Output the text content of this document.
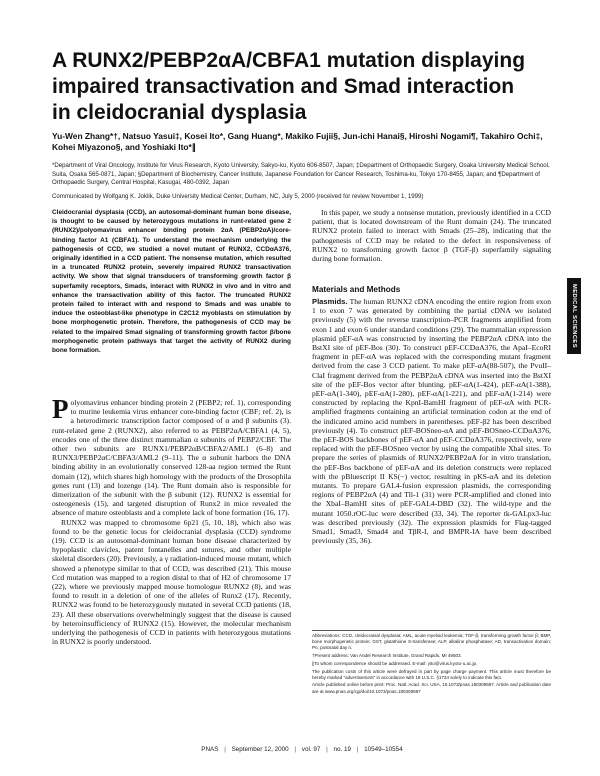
A RUNX2/PEBP2αA/CBFA1 mutation displaying
impaired transactivation and Smad interaction
in cleidocranial dysplasia

Yu-Wen Zhang*†, Natsuo Yasui‡, Kosei Ito*, Gang Huang*, Makiko Fujii§, Jun-ichi Hanai§, Hiroshi Nogami¶, Takahiro Ochi‡, Kohei Miyazono§, and Yoshiaki Ito*∥

*Department of Viral Oncology, Institute for Virus Research, Kyoto University, Sakyo-ku, Kyoto 606-8507, Japan; ‡Department of Orthopaedic Surgery, Osaka University Medical School, Suita, Osaka 565-0871, Japan; §Department of Biochemistry, Cancer Institute, Japanese Foundation for Cancer Research, Toshima-ku, Tokyo 170-8455, Japan; and ¶Department of Orthopaedic Surgery, Central Hospital, Kasugai, 480-0392, Japan

Communicated by Wolfgang K. Joklik, Duke University Medical Center, Durham, NC, July 5, 2000 (received for review November 1, 1999)

Cleidocranial dysplasia (CCD), an autosomal-dominant human bone disease, is thought to be caused by heterozygous mutations in runt-related gene 2 (RUNX2)/polyomavirus enhancer binding protein 2αA (PEBP2αA)/core-binding factor A1 (CBFA1). To understand the mechanism underlying the pathogenesis of CCD, we studied a novel mutant of RUNX2, CCDαA376, originally identified in a CCD patient. The nonsense mutation, which resulted in a truncated RUNX2 protein, severely impaired RUNX2 transactivation activity. We show that signal transducers of transforming growth factor β superfamily receptors, Smads, interact with RUNX2 in vivo and in vitro and enhance the transactivation ability of this factor. The truncated RUNX2 protein failed to interact with and respond to Smads and was unable to induce the osteoblast-like phenotype in C2C12 myoblasts on stimulation by bone morphogenetic protein. Therefore, the pathogenesis of CCD may be related to the impaired Smad signaling of transforming growth factor β/bone morphogenetic protein pathways that target the activity of RUNX2 during bone formation.

Polyomavirus enhancer binding protein 2 (PEBP2; ref. 1), corresponding to murine leukemia virus enhancer core-binding factor (CBF; ref. 2), is a heterodimeric transcription factor composed of α and β subunits (3). runt-related gene 2 (RUNX2), also referred to as PEBP2αA/CBFA1 (4, 5), encodes one of the three distinct mammalian α subunits of PEBP2/CBF. The other two subunits are RUNX1/PEBP2αB/CBFA2/AML1 (6–8) and RUNX3/PEBP2αC/CBFA3/AML2 (9–11). The α subunit harbors the DNA binding ability in an evolutionally conserved 128-aa region termed the Runt domain (12), which shares high homology with the products of the Drosophila genes runt (13) and lozenge (14). The Runt domain also is responsible for dimerization of the subunit with the β subunit (12). RUNX2 is essential for osteogenesis (15), and targeted disruption of Runx2 in mice revealed the absence of mature osteoblasts and a complete lack of bone formation (16, 17).

RUNX2 was mapped to chromosome 6p21 (5, 10, 18), which also was found to be the genetic locus for cleidocranial dysplasia (CCD) syndrome (19). CCD is an autosomal-dominant human bone disease characterized by hypoplastic clavicles, patent fontanelles and sutures, and other multiple skeletal disorders (20). Previously, a γ radiation-induced mouse mutant, which showed a phenotype similar to that of CCD, was described (21). This mouse Ccd mutation was mapped to a region distal to that of H2 of chromosome 17 (22), where we previously mapped mouse homologue RUNX2 (8), and was found to result in a deletion of one of the alleles of Runx2 (17). Recently, RUNX2 was found to be heterozygously mutated in several CCD patients (18, 23). All these observations overwhelmingly suggest that the disease is caused by heteroinsufficiency of RUNX2 (15). However, the molecular mechanism underlying the pathogenesis of CCD in patients with heterozygous mutations in RUNX2 is poorly understood.

In this paper, we study a nonsense mutation, previously identified in a CCD patient, that is located downstream of the Runt domain (24). The truncated RUNX2 protein failed to interact with Smads (25–28), indicating that the pathogenesis of CCD may be related to the defect in responsiveness of RUNX2 to transforming growth factor β (TGF-β) superfamily signaling during bone formation.

Materials and Methods

Plasmids. The human RUNX2 cDNA encoding the entire region from exon 1 to exon 7 was generated by combining the partial cDNA we isolated previously (5) with the reverse transcription–PCR fragments amplified from exon 1 and exon 6 under standard conditions (29). The mammalian expression plasmid pEF-αA was constructed by inserting the PEBP2αA cDNA into the BstXI site of pEF-Bos (30). To construct pEF-CCDαA376, the ApaI–EcoRI fragment in pEF-αA was replaced with the corresponding mutant fragment derived from the case 3 CCD patient. To make pEF-αA(88-507), the PvuII–ClaI fragment derived from the PEBP2αA cDNA was inserted into the BstXI site of the pEF-Bos vector after blunting. pEF-αA(1-424), pEF-αA(1-388), pEF-αA(1-340), pEF-αA(1-280), pEF-αA(1-221), and pEF-αA(1-214) were constructed by replacing the KpnI-BamHI fragment of pEF-αA with PCR-amplified fragments containing an artificial termination codon at the end of the indicated amino acid numbers in parentheses. pEF-β2 has been described previously (4). To construct pEF-BOSneo-αA and pEF-BOSneo-CCDαA376, the pEF-BOS backbones of pEF-αA and pEF-CCDαA376, respectively, were replaced with the pEF-BOSneo vector by using the compatible XbaI sites. To prepare the series of plasmids of RUNX2/PEBP2αA for in vitro translation, the pEF-Bos backbone of pEF-αA and its deletion constructs were replaced with the pBluescript II KS(−) vector, resulting in pKS-αA and its deletion mutants. To prepare GAL4-fusion expression plasmids, the corresponding regions of PEBP2αA (4) and Tll-1 (31) were PCR-amplified and cloned into the XbaI–BamHI sites of pEF-GAL4-DBD (32). The wild-type and the mutant 1050.rOC-luc were described (33, 34). The reporter tk-GALpx3-luc was described previously (32). The expression plasmids for Flag-tagged Smad1, Smad3, Smad4 and TβR-I, and BMPR-IA have been described previously (35, 36).

Abbreviations: CCD, cleidocranial dysplasia; AML, acute myeloid leukemia; TGF-β, transforming growth factor β; BMP, bone morphogenetic protein; GST, glutathione S-transferase; ALP, alkaline phosphatase; AD, transactivation domain; Pn, postnatal day n.

†Present address: Van Andel Research Institute, Grand Rapids, MI 49503.

∥To whom correspondence should be addressed. E-mail: yito@virus.kyoto-u.ac.jp.

The publication costs of this article were defrayed in part by page charge payment. This article must therefore be hereby marked “advertisement” in accordance with 18 U.S.C. §1734 solely to indicate this fact.

Article published online before print: Proc. Natl. Acad. Sci. USA, 10.1073/pnas.180309597. Article and publication date are at www.pnas.org/cgi/doi/10.1073/pnas.180309597

MEDICAL SCIENCES
PNAS | September 12, 2000 | vol. 97 | no. 19 | 10549–10554
